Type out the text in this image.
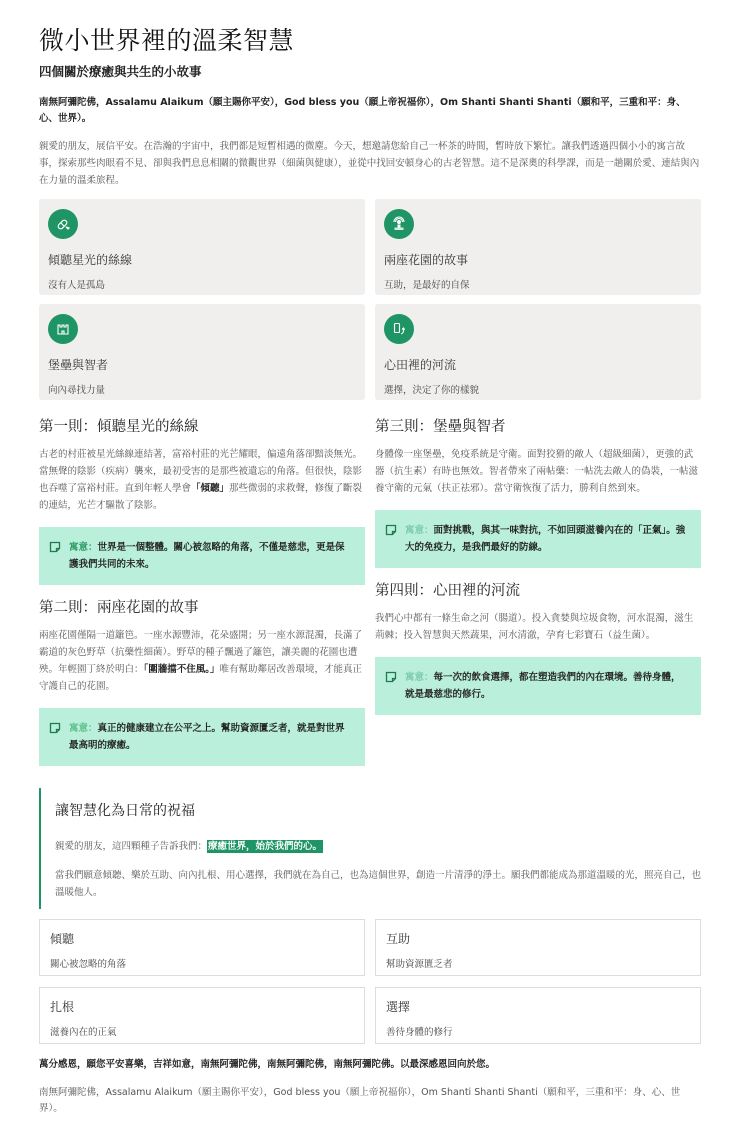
微小世界裡的溫柔智慧
四個關於療癒與共生的小故事

南無阿彌陀佛，Assalamu Alaikum（願主賜你平安），God bless you（願上帝祝福你），Om Shanti Shanti Shanti（願和平，三重和平：身、心、世界）。

親愛的朋友，展信平安。在浩瀚的宇宙中，我們都是短暫相遇的微塵。今天，想邀請您給自己一杯茶的時間，暫時放下繁忙。讓我們透過四個小小的寓言故事，探索那些肉眼看不見、卻與我們息息相關的微觀世界（細菌與健康），並從中找回安頓身心的古老智慧。這不是深奧的科學課，而是一趟關於愛、連結與內在力量的溫柔旅程。

傾聽星光的絲線
沒有人是孤島
兩座花園的故事
互助，是最好的自保
堡壘與智者
向內尋找力量
心田裡的河流
選擇，決定了你的樣貌
第一則：傾聽星光的絲線

古老的村莊被星光絲線連結著，富裕村莊的光芒耀眼，偏遠角落卻黯淡無光。當無聲的陰影（疾病）襲來，最初受害的是那些被遺忘的角落。但很快，陰影也吞噬了富裕村莊。直到年輕人學會「傾聽」那些微弱的求救聲，修復了斷裂的連結，光芒才驅散了陰影。

寓意：世界是一個整體。關心被忽略的角落，不僅是慈悲，更是保護我們共同的未來。
第二則：兩座花園的故事

兩座花園僅隔一道籬笆。一座水源豐沛，花朵盛開；另一座水源混濁，長滿了霸道的灰色野草（抗藥性細菌）。野草的種子飄過了籬笆，讓美麗的花園也遭殃。年輕園丁終於明白：「圍牆擋不住風。」唯有幫助鄰居改善環境，才能真正守護自己的花園。

寓意：真正的健康建立在公平之上。幫助資源匱乏者，就是對世界最高明的療癒。
第三則：堡壘與智者

身體像一座堡壘，免疫系統是守衛。面對狡猾的敵人（超級細菌），更強的武器（抗生素）有時也無效。智者帶來了兩帖藥：一帖洗去敵人的偽裝，一帖滋養守衛的元氣（扶正祛邪）。當守衛恢復了活力，勝利自然到來。

寓意：面對挑戰，與其一味對抗，不如回頭滋養內在的「正氣」。強大的免疫力，是我們最好的防線。
第四則：心田裡的河流

我們心中都有一條生命之河（腸道）。投入貪婪與垃圾食物，河水混濁，滋生荊棘；投入智慧與天然蔬果，河水清澈，孕育七彩寶石（益生菌）。

寓意：每一次的飲食選擇，都在塑造我們的內在環境。善待身體，就是最慈悲的修行。
讓智慧化為日常的祝福

親愛的朋友，這四顆種子告訴我們：療癒世界，始於我們的心。

當我們願意傾聽、樂於互助、向內扎根、用心選擇，我們就在為自己，也為這個世界，創造一片清淨的淨土。願我們都能成為那道溫暖的光，照亮自己，也溫暖他人。

傾聽
關心被忽略的角落
互助
幫助資源匱乏者
扎根
滋養內在的正氣
選擇
善待身體的修行

萬分感恩，願您平安喜樂，吉祥如意，南無阿彌陀佛，南無阿彌陀佛，南無阿彌陀佛。以最深感恩回向於您。

南無阿彌陀佛，Assalamu Alaikum（願主賜你平安），God bless you（願上帝祝福你），Om Shanti Shanti Shanti（願和平，三重和平：身、心、世界）。
